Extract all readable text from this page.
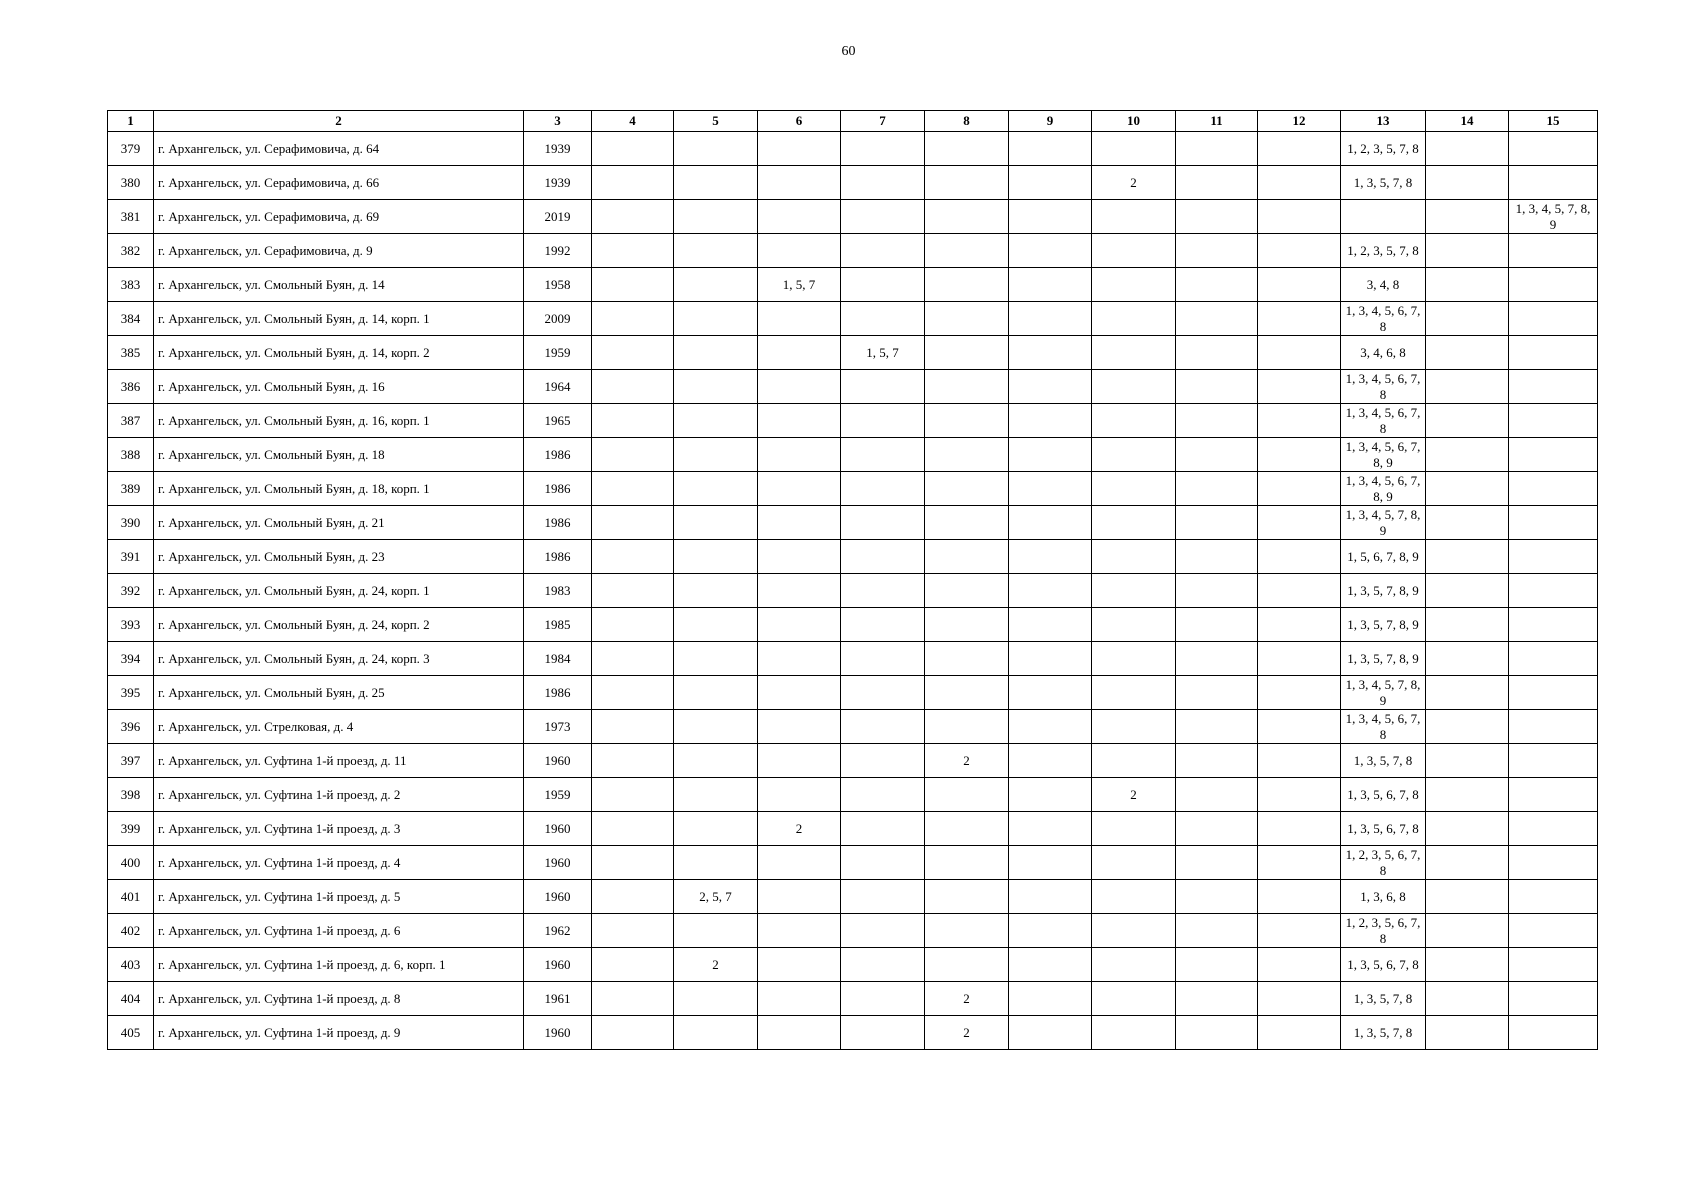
60
1	2	3	4	5	6	7	8	9	10	11	12	13	14	15
379	г. Архангельск, ул. Серафимовича, д. 64	1939										1, 2, 3, 5, 7, 8		
380	г. Архангельск, ул. Серафимовича, д. 66	1939							2			1, 3, 5, 7, 8		
381	г. Архангельск, ул. Серафимовича, д. 69	2019												1, 3, 4, 5, 7, 8, 9
382	г. Архангельск, ул. Серафимовича, д. 9	1992										1, 2, 3, 5, 7, 8		
383	г. Архангельск, ул. Смольный Буян, д. 14	1958			1, 5, 7							3, 4, 8		
384	г. Архангельск, ул. Смольный Буян, д. 14, корп. 1	2009										1, 3, 4, 5, 6, 7, 8		
385	г. Архангельск, ул. Смольный Буян, д. 14, корп. 2	1959				1, 5, 7						3, 4, 6, 8		
386	г. Архангельск, ул. Смольный Буян, д. 16	1964										1, 3, 4, 5, 6, 7, 8		
387	г. Архангельск, ул. Смольный Буян, д. 16, корп. 1	1965										1, 3, 4, 5, 6, 7, 8		
388	г. Архангельск, ул. Смольный Буян, д. 18	1986										1, 3, 4, 5, 6, 7, 8, 9		
389	г. Архангельск, ул. Смольный Буян, д. 18, корп. 1	1986										1, 3, 4, 5, 6, 7, 8, 9		
390	г. Архангельск, ул. Смольный Буян, д. 21	1986										1, 3, 4, 5, 7, 8, 9		
391	г. Архангельск, ул. Смольный Буян, д. 23	1986										1, 5, 6, 7, 8, 9		
392	г. Архангельск, ул. Смольный Буян, д. 24, корп. 1	1983										1, 3, 5, 7, 8, 9		
393	г. Архангельск, ул. Смольный Буян, д. 24, корп. 2	1985										1, 3, 5, 7, 8, 9		
394	г. Архангельск, ул. Смольный Буян, д. 24, корп. 3	1984										1, 3, 5, 7, 8, 9		
395	г. Архангельск, ул. Смольный Буян, д. 25	1986										1, 3, 4, 5, 7, 8, 9		
396	г. Архангельск, ул. Стрелковая, д. 4	1973										1, 3, 4, 5, 6, 7, 8		
397	г. Архангельск, ул. Суфтина 1-й проезд, д. 11	1960					2					1, 3, 5, 7, 8		
398	г. Архангельск, ул. Суфтина 1-й проезд, д. 2	1959							2			1, 3, 5, 6, 7, 8		
399	г. Архангельск, ул. Суфтина 1-й проезд, д. 3	1960			2							1, 3, 5, 6, 7, 8		
400	г. Архангельск, ул. Суфтина 1-й проезд, д. 4	1960										1, 2, 3, 5, 6, 7, 8		
401	г. Архангельск, ул. Суфтина 1-й проезд, д. 5	1960		2, 5, 7								1, 3, 6, 8		
402	г. Архангельск, ул. Суфтина 1-й проезд, д. 6	1962										1, 2, 3, 5, 6, 7, 8		
403	г. Архангельск, ул. Суфтина 1-й проезд, д. 6, корп. 1	1960		2								1, 3, 5, 6, 7, 8		
404	г. Архангельск, ул. Суфтина 1-й проезд, д. 8	1961					2					1, 3, 5, 7, 8		
405	г. Архангельск, ул. Суфтина 1-й проезд, д. 9	1960					2					1, 3, 5, 7, 8		
